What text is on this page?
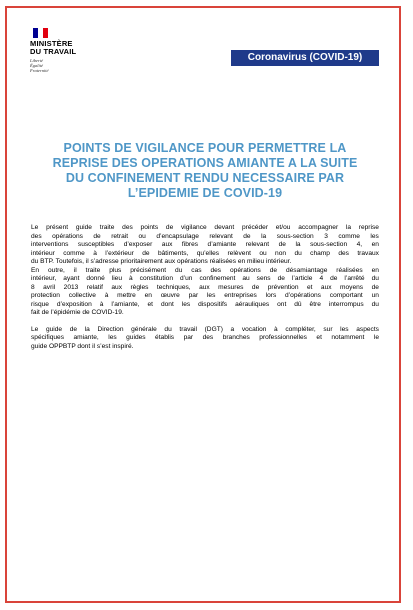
MINISTÈRE
DU TRAVAIL
Liberté
Égalité
Fraternité
Coronavirus (COVID-19)
POINTS DE VIGILANCE POUR PERMETTRE LA
REPRISE DES OPERATIONS AMIANTE A LA SUITE
DU CONFINEMENT RENDU NECESSAIRE PAR
L’EPIDEMIE DE COVID-19
Le présent guide traite des points de vigilance devant précéder et/ou accompagner la reprise
des opérations de retrait ou d’encapsulage relevant de la sous-section 3 comme les
interventions susceptibles d’exposer aux fibres d’amiante relevant de la sous-section 4, en
intérieur comme à l’extérieur de bâtiments, qu’elles relèvent ou non du champ des travaux
du BTP. Toutefois, il s’adresse prioritairement aux opérations réalisées en milieu intérieur.
En outre, il traite plus précisément du cas des opérations de désamiantage réalisées en
intérieur, ayant donné lieu à constitution d’un confinement au sens de l’article 4 de l’arrêté du
8 avril 2013 relatif aux règles techniques, aux mesures de prévention et aux moyens de
protection collective à mettre en œuvre par les entreprises lors d’opérations comportant un
risque d’exposition à l’amiante, et dont les dispositifs aérauliques ont dû être interrompus du
fait de l’épidémie de COVID-19.
Le guide de la Direction générale du travail (DGT) a vocation à compléter, sur les aspects
spécifiques amiante, les guides établis par des branches professionnelles et notamment le
guide OPPBTP dont il s’est inspiré.
